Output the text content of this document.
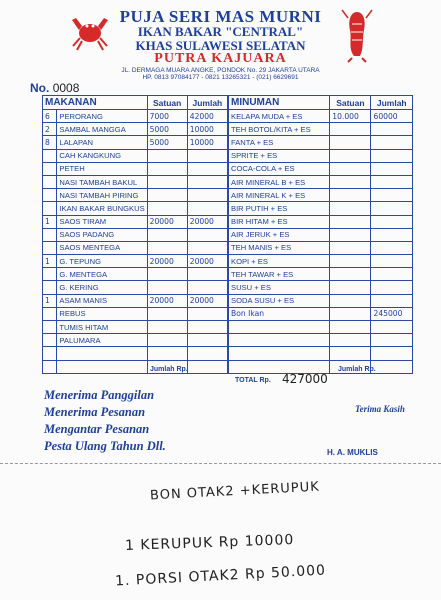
PUJA SERI MAS MURNI
IKAN BAKAR "CENTRAL"
KHAS SULAWESI SELATAN
PUTRA KAJUARA
JL. DERMAGA MUARA ANGKE, PONDOK No. 29 JAKARTA UTARA
HP. 0813 97084177 - 0821 13265321 - (021) 6629691
No. 0008
MAKANAN		Satuan	Jumlah
6	PERORANG	7000	42000
2	SAMBAL MANGGA	5000	10000
8	LALAPAN	5000	10000
	CAH KANGKUNG		
	PETEH		
	NASI TAMBAH BAKUL		
	NASI TAMBAH PIRING		
	IKAN BAKAR BUNGKUS		
1	SAOS TIRAM	20000	20000
	SAOS PADANG		
	SAOS MENTEGA		
1	G. TEPUNG	20000	20000
	G. MENTEGA		
	G. KERING		
1	ASAM MANIS	20000	20000
	REBUS		
	TUMIS HITAM		
	PALUMARA		

MINUMAN	Satuan	Jumlah
KELAPA MUDA + ES	10.000	60000
TEH BOTOL/KITA + ES		
FANTA + ES		
SPRITE + ES		
COCA-COLA + ES		
AIR MINERAL B + ES		
AIR MINERAL K + ES		
BIR PUTIH + ES		
BIR HITAM + ES		
AIR JERUK + ES		
TEH MANIS + ES		
KOPI + ES		
TEH TAWAR + ES		
SUSU + ES		
SODA SUSU + ES		
Bon Ikan		245000

Jumlah Rp.	Jumlah Rp.
TOTAL Rp. 427000
Menerima Panggilan
Menerima Pesanan
Mengantar Pesanan
Pesta Ulang Tahun Dll.
Terima Kasih
H. A. MUKLIS
BON OTAK2 +KERUPUK
1 KERUPUK Rp 10000
1. PORSI OTAK2 Rp 50.000
